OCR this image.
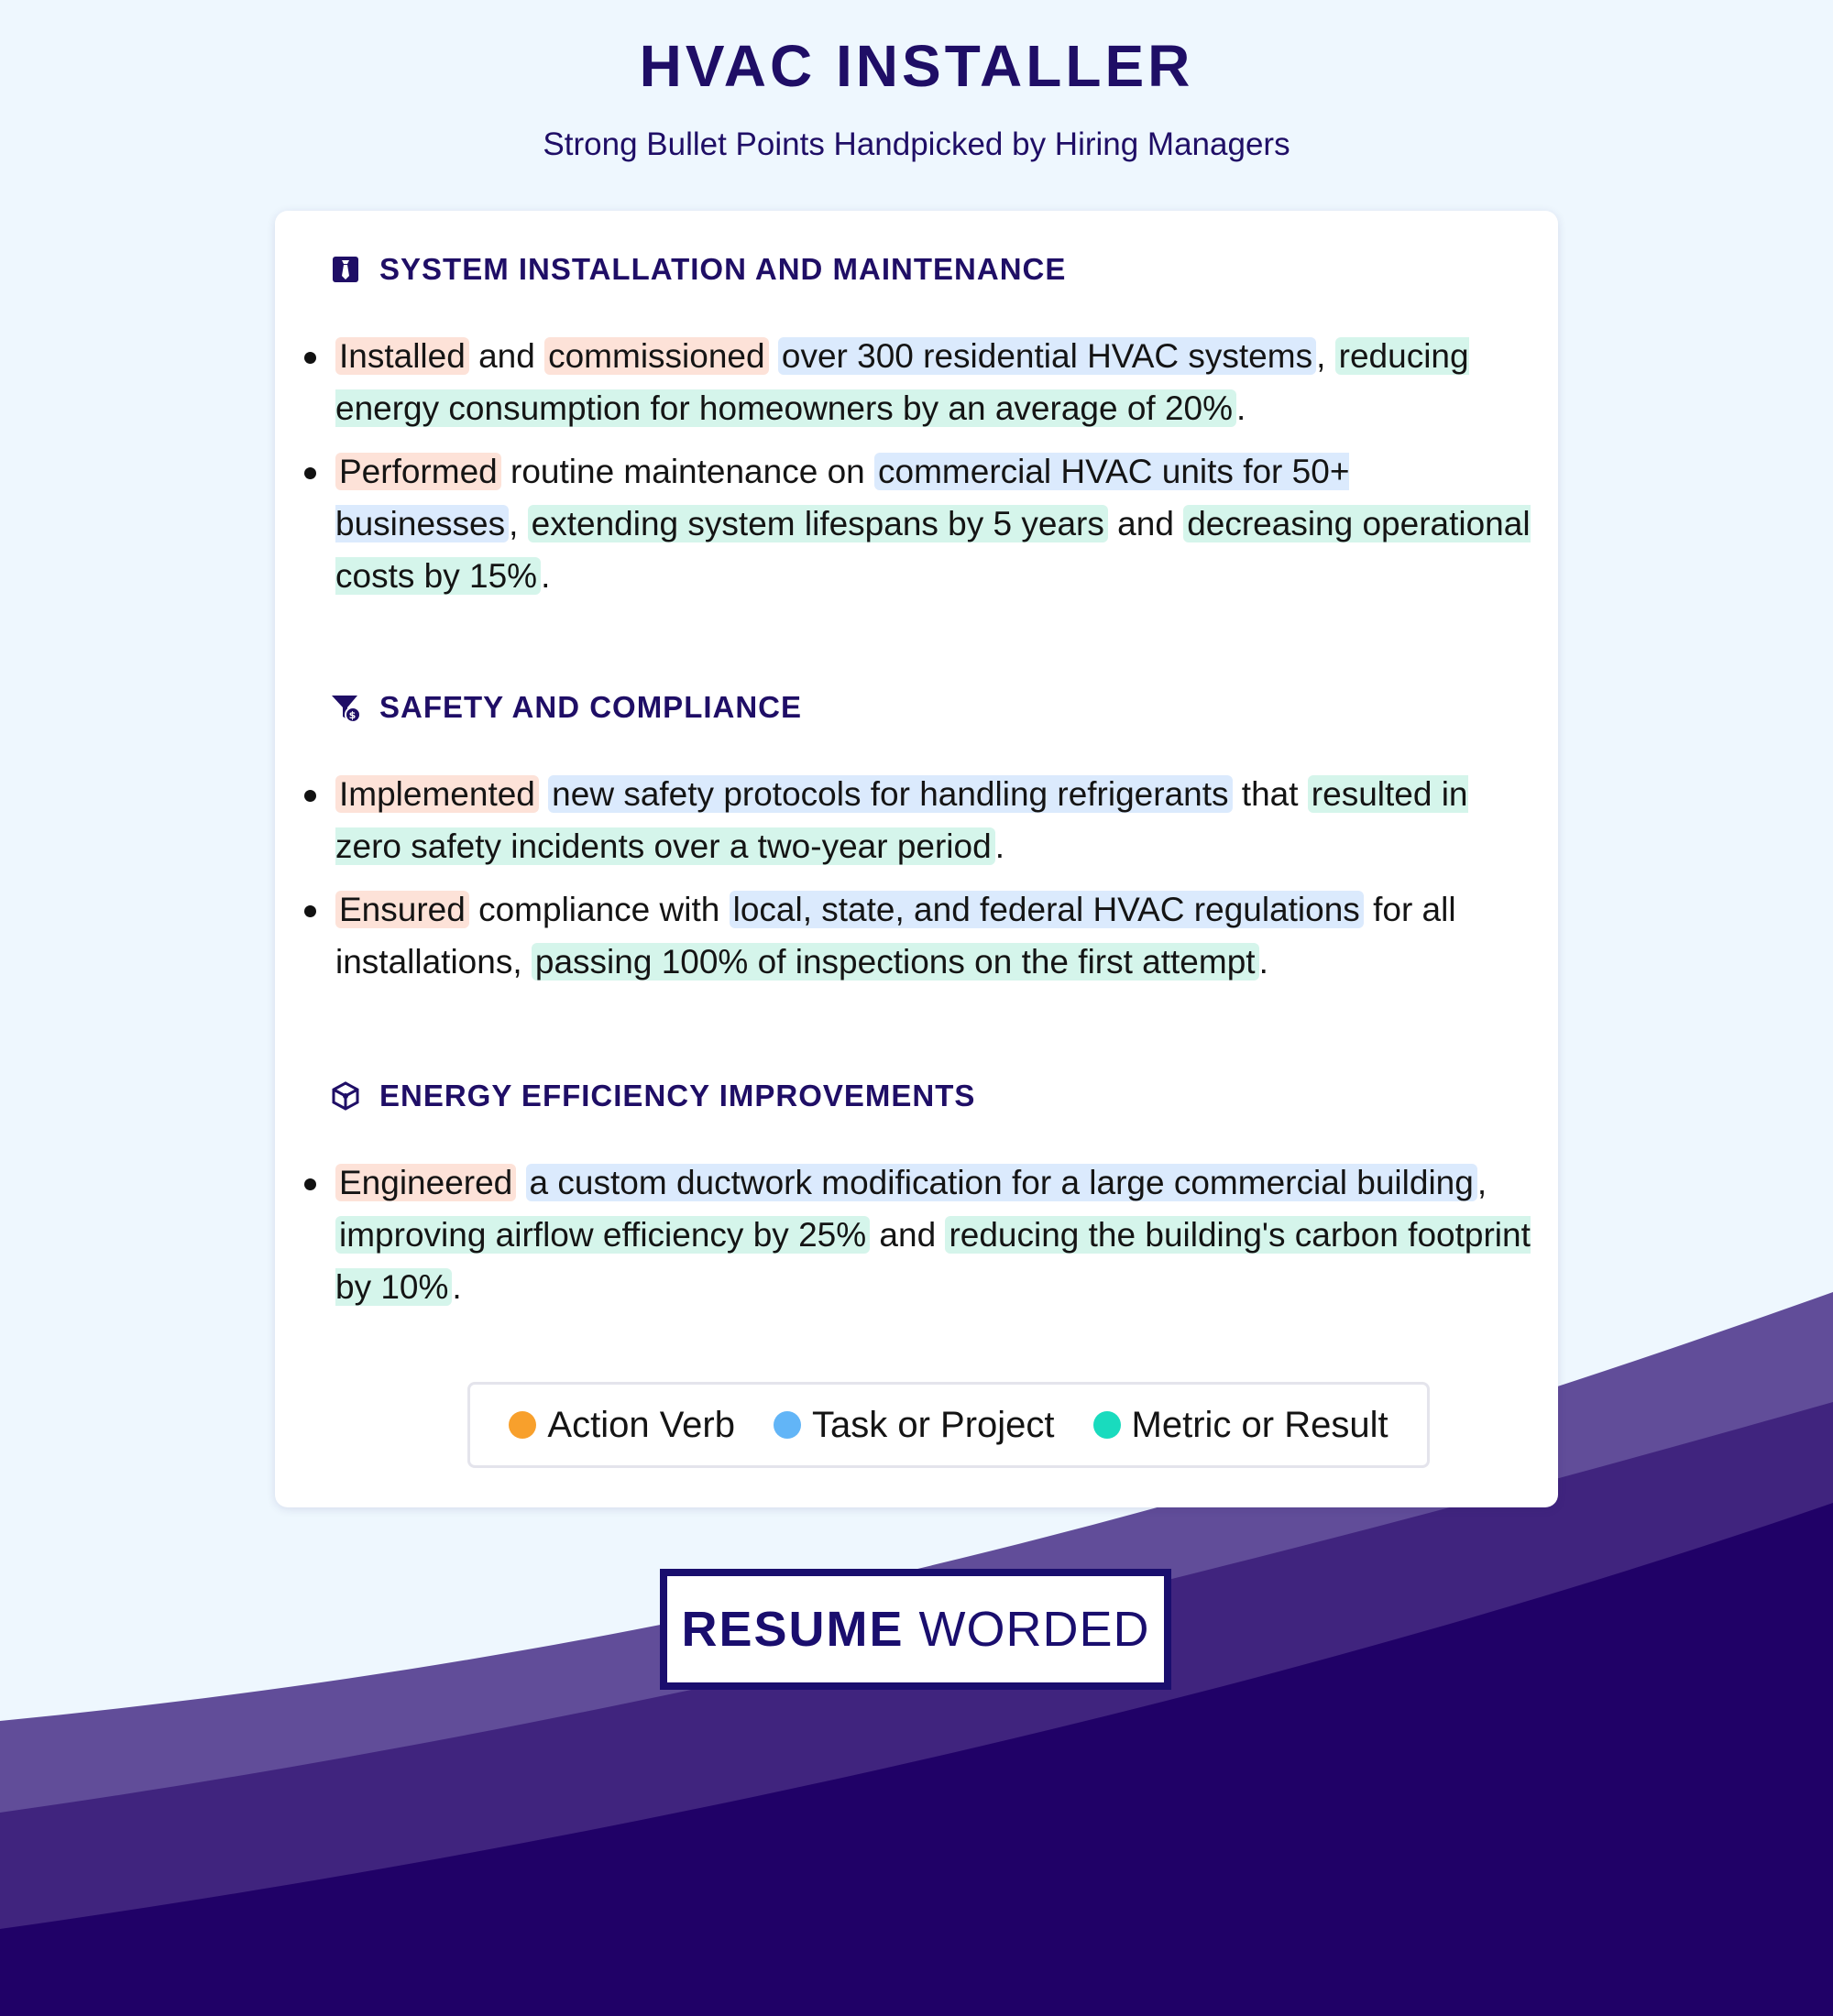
HVAC INSTALLER
Strong Bullet Points Handpicked by Hiring Managers
SYSTEM INSTALLATION AND MAINTENANCE
Installed and commissioned over 300 residential HVAC systems , reducing energy consumption for homeowners by an average of 20% .
Performed routine maintenance on commercial HVAC units for 50+ businesses , extending system lifespans by 5 years and decreasing operational costs by 15% .
$ SAFETY AND COMPLIANCE
Implemented new safety protocols for handling refrigerants that resulted in zero safety incidents over a two-year period .
Ensured compliance with local, state, and federal HVAC regulations for all installations, passing 100% of inspections on the first attempt .
ENERGY EFFICIENCY IMPROVEMENTS
Engineered a custom ductwork modification for a large commercial building , improving airflow efficiency by 25% and reducing the building's carbon footprint by 10% .
Action Verb Task or Project Metric or Result
RESUME WORDED
